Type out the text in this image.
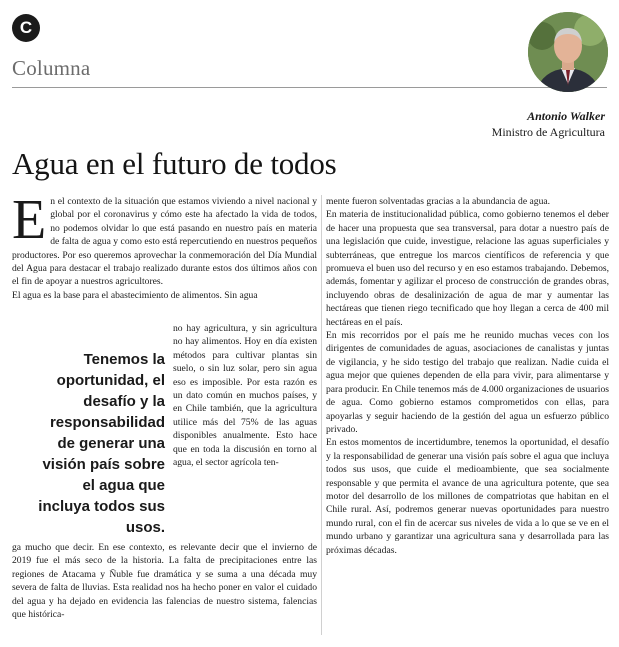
C
Columna
Antonio Walker
Ministro de Agricultura
Agua en el futuro de todos

En el contexto de la situación que estamos viviendo a nivel nacional y global por el coronavirus y cómo este ha afectado la vida de todos, no podemos olvidar lo que está pasando en nuestro país en materia de falta de agua y como esto está repercutiendo en nuestros pequeños productores. Por eso queremos aprovechar la conmemoración del Día Mundial del Agua para destacar el trabajo realizado durante estos dos últimos años con el fin de apoyar a nuestros agricultores.

El agua es la base para el abastecimiento de alimentos. Sin agua

Tenemos la oportunidad, el desafío y la responsabilidad de generar una visión país sobre el agua que incluya todos sus usos.

no hay agricultura, y sin agricultura no hay alimentos. Hoy en día existen métodos para cultivar plantas sin suelo, o sin luz solar, pero sin agua eso es imposible. Por esta razón es un dato común en muchos países, y en Chile también, que la agricultura utilice más del 75% de las aguas disponibles anualmente. Esto hace que en toda la discusión en torno al agua, el sector agrícola ten-

ga mucho que decir. En ese contexto, es relevante decir que el invierno de 2019 fue el más seco de la historia. La falta de precipitaciones entre las regiones de Atacama y Ñuble fue dramática y se suma a una década muy severa de falta de lluvias. Esta realidad nos ha hecho poner en valor el cuidado del agua y ha dejado en evidencia las falencias de nuestro sistema, falencias que histórica-

mente fueron solventadas gracias a la abundancia de agua.

En materia de institucionalidad pública, como gobierno tenemos el deber de hacer una propuesta que sea transversal, para dotar a nuestro país de una legislación que cuide, investigue, relacione las aguas superficiales y subterráneas, que entregue los marcos científicos de referencia y que promueva el buen uso del recurso y en eso estamos trabajando. Debemos, además, fomentar y agilizar el proceso de construcción de grandes obras, incluyendo obras de desalinización de agua de mar y aumentar las hectáreas que tienen riego tecnificado que hoy llegan a cerca de 400 mil hectáreas en el país.

En mis recorridos por el país me he reunido muchas veces con los dirigentes de comunidades de aguas, asociaciones de canalistas y juntas de vigilancia, y he sido testigo del trabajo que realizan. Nadie cuida el agua mejor que quienes dependen de ella para vivir, para alimentarse y para producir. En Chile tenemos más de 4.000 organizaciones de usuarios de agua. Como gobierno estamos comprometidos con ellas, para apoyarlas y seguir haciendo de la gestión del agua un esfuerzo público privado.

En estos momentos de incertidumbre, tenemos la oportunidad, el desafío y la responsabilidad de generar una visión país sobre el agua que incluya todos sus usos, que cuide el medioambiente, que sea socialmente responsable y que permita el avance de una agricultura potente, que sea motor del desarrollo de los millones de compatriotas que habitan en el Chile rural. Así, podremos generar nuevas oportunidades para nuestro mundo rural, con el fin de acercar sus niveles de vida a lo que se ve en el mundo urbano y garantizar una agricultura sana y desarrollada para las próximas décadas.
